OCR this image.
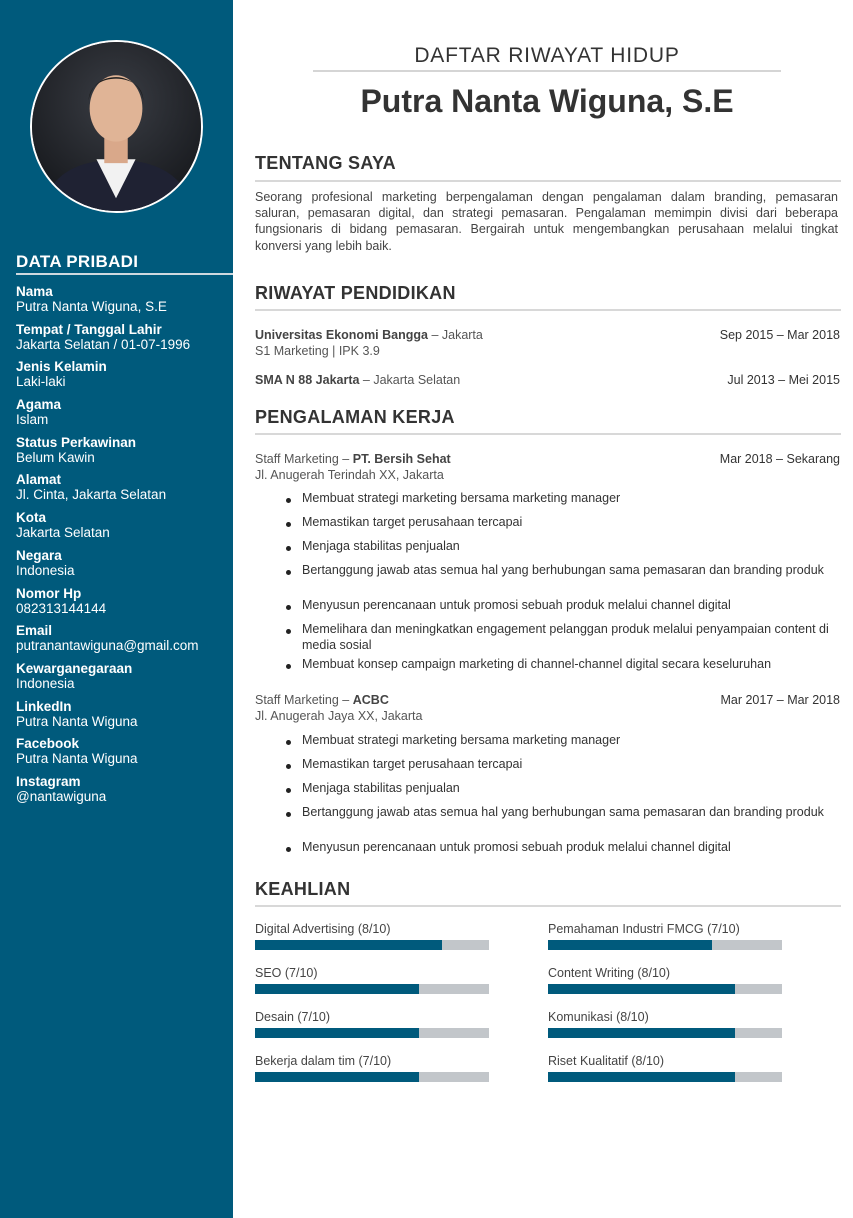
DATA PRIBADI
Nama
Putra Nanta Wiguna, S.E
Tempat / Tanggal Lahir
Jakarta Selatan / 01-07-1996
Jenis Kelamin
Laki-laki
Agama
Islam
Status Perkawinan
Belum Kawin
Alamat
Jl. Cinta, Jakarta Selatan
Kota
Jakarta Selatan
Negara
Indonesia
Nomor Hp
082313144144
Email
putranantawiguna@gmail.com
Kewarganegaraan
Indonesia
LinkedIn
Putra Nanta Wiguna
Facebook
Putra Nanta Wiguna
Instagram
@nantawiguna
DAFTAR RIWAYAT HIDUP
Putra Nanta Wiguna, S.E
TENTANG SAYA

Seorang profesional marketing berpengalaman dengan pengalaman dalam branding, pemasaran saluran, pemasaran digital, dan strategi pemasaran. Pengalaman memimpin divisi dari beberapa fungsionaris di bidang pemasaran. Bergairah untuk mengembangkan perusahaan melalui tingkat konversi yang lebih baik.

RIWAYAT PENDIDIKAN
Universitas Ekonomi Bangga – Jakarta
S1 Marketing | IPK 3.9
Sep 2015 – Mar 2018
SMA N 88 Jakarta – Jakarta Selatan	Jul 2013 – Mei 2015
PENGALAMAN KERJA
Staff Marketing – PT. Bersih Sehat
Jl. Anugerah Terindah XX, Jakarta
Mar 2018 – Sekarang
Membuat strategi marketing bersama marketing manager
Memastikan target perusahaan tercapai
Menjaga stabilitas penjualan
Bertanggung jawab atas semua hal yang berhubungan sama pemasaran dan branding produk
Menyusun perencanaan untuk promosi sebuah produk melalui channel digital
Memelihara dan meningkatkan engagement pelanggan produk melalui penyampaian content di media sosial
Membuat konsep campaign marketing di channel-channel digital secara keseluruhan
Staff Marketing – ACBC
Jl. Anugerah Jaya XX, Jakarta
Mar 2017 – Mar 2018
Membuat strategi marketing bersama marketing manager
Memastikan target perusahaan tercapai
Menjaga stabilitas penjualan
Bertanggung jawab atas semua hal yang berhubungan sama pemasaran dan branding produk
Menyusun perencanaan untuk promosi sebuah produk melalui channel digital
KEAHLIAN
Digital Advertising (8/10)	Pemahaman Industri FMCG (7/10)
SEO (7/10)	Content Writing (8/10)
Desain (7/10)	Komunikasi (8/10)
Bekerja dalam tim (7/10)	Riset Kualitatif (8/10)
